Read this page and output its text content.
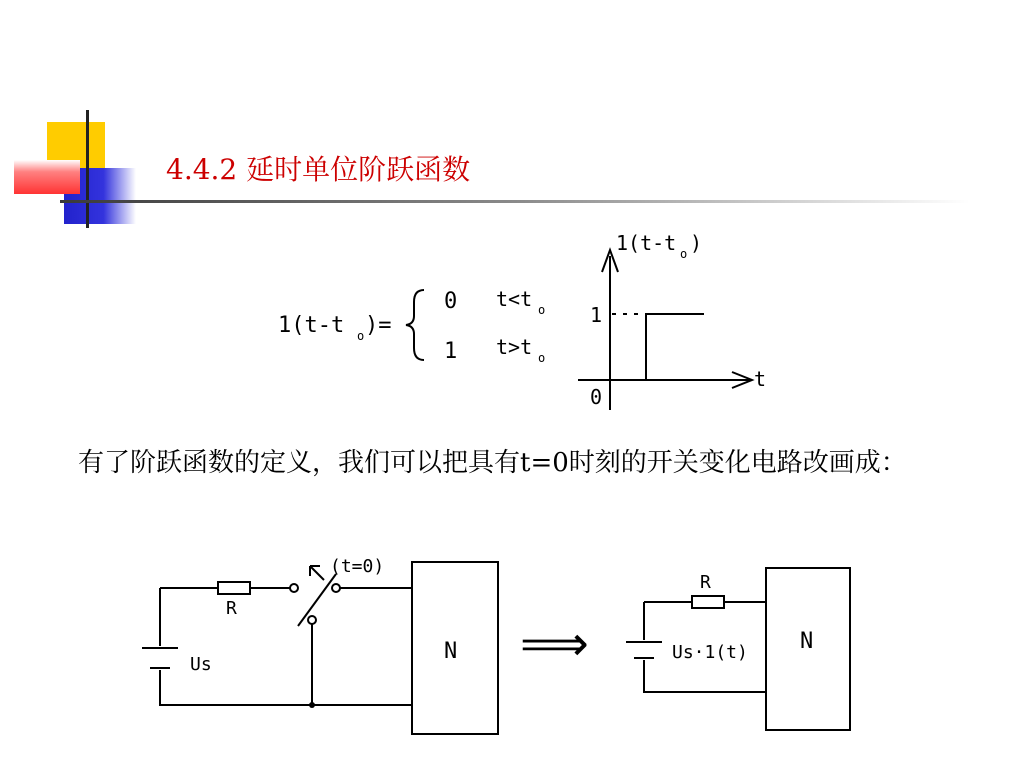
4.4.2 延时单位阶跃函数
1(t-t o )=
0 t<t o
1 t>t o
1(t-t o )
1
0
t
有了阶跃函数的定义，我们可以把具有t=0时刻的开关变化电路改画成：
R
(t=0)
Us
N ⟹
R
Us·1(t) N
